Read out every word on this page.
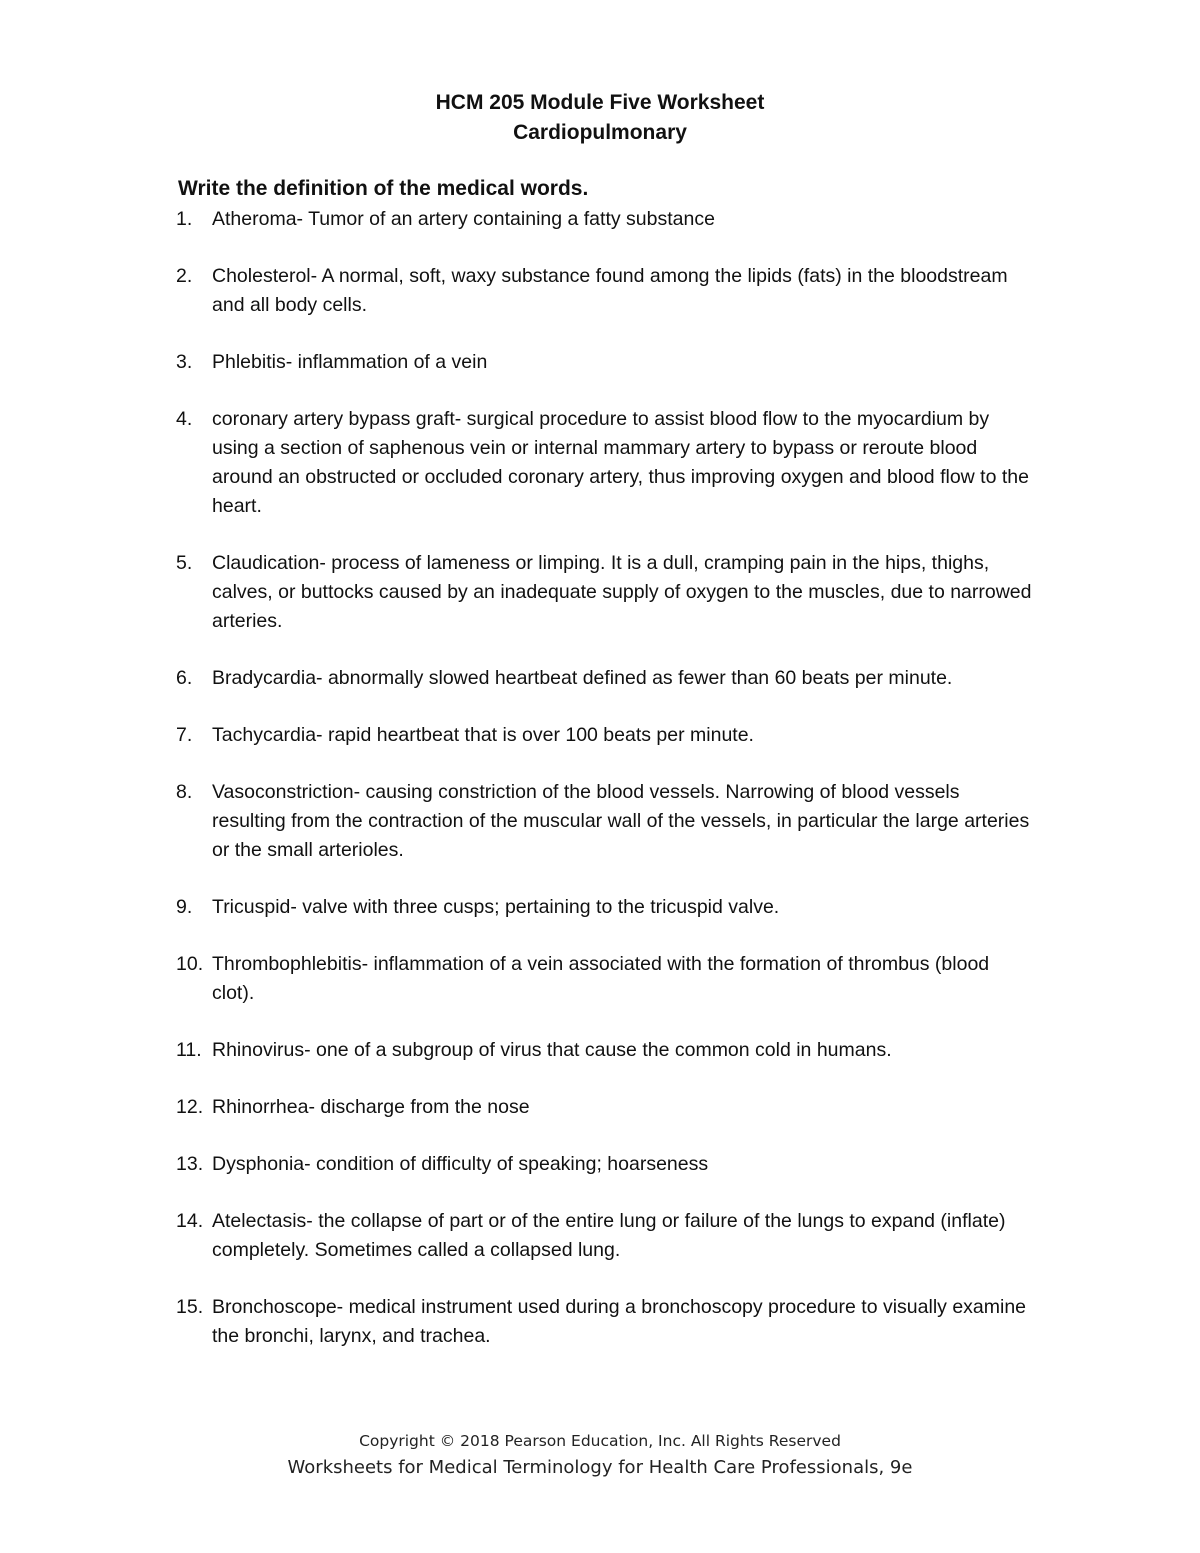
HCM 205 Module Five Worksheet
Cardiopulmonary
Write the definition of the medical words.
1. Atheroma- Tumor of an artery containing a fatty substance
2. Cholesterol- A normal, soft, waxy substance found among the lipids (fats) in the bloodstream and all body cells.
3. Phlebitis- inflammation of a vein
4. coronary artery bypass graft- surgical procedure to assist blood flow to the myocardium by using a section of saphenous vein or internal mammary artery to bypass or reroute blood around an obstructed or occluded coronary artery, thus improving oxygen and blood flow to the heart.
5. Claudication- process of lameness or limping. It is a dull, cramping pain in the hips, thighs, calves, or buttocks caused by an inadequate supply of oxygen to the muscles, due to narrowed arteries.
6. Bradycardia- abnormally slowed heartbeat defined as fewer than 60 beats per minute.
7. Tachycardia- rapid heartbeat that is over 100 beats per minute.
8. Vasoconstriction- causing constriction of the blood vessels. Narrowing of blood vessels resulting from the contraction of the muscular wall of the vessels, in particular the large arteries or the small arterioles.
9. Tricuspid- valve with three cusps; pertaining to the tricuspid valve.
10. Thrombophlebitis- inflammation of a vein associated with the formation of thrombus (blood clot).
11. Rhinovirus- one of a subgroup of virus that cause the common cold in humans.
12. Rhinorrhea- discharge from the nose
13. Dysphonia- condition of difficulty of speaking; hoarseness
14. Atelectasis- the collapse of part or of the entire lung or failure of the lungs to expand (inflate) completely. Sometimes called a collapsed lung.
15. Bronchoscope- medical instrument used during a bronchoscopy procedure to visually examine the bronchi, larynx, and trachea.
Copyright © 2018 Pearson Education, Inc. All Rights Reserved
Worksheets for Medical Terminology for Health Care Professionals, 9e
